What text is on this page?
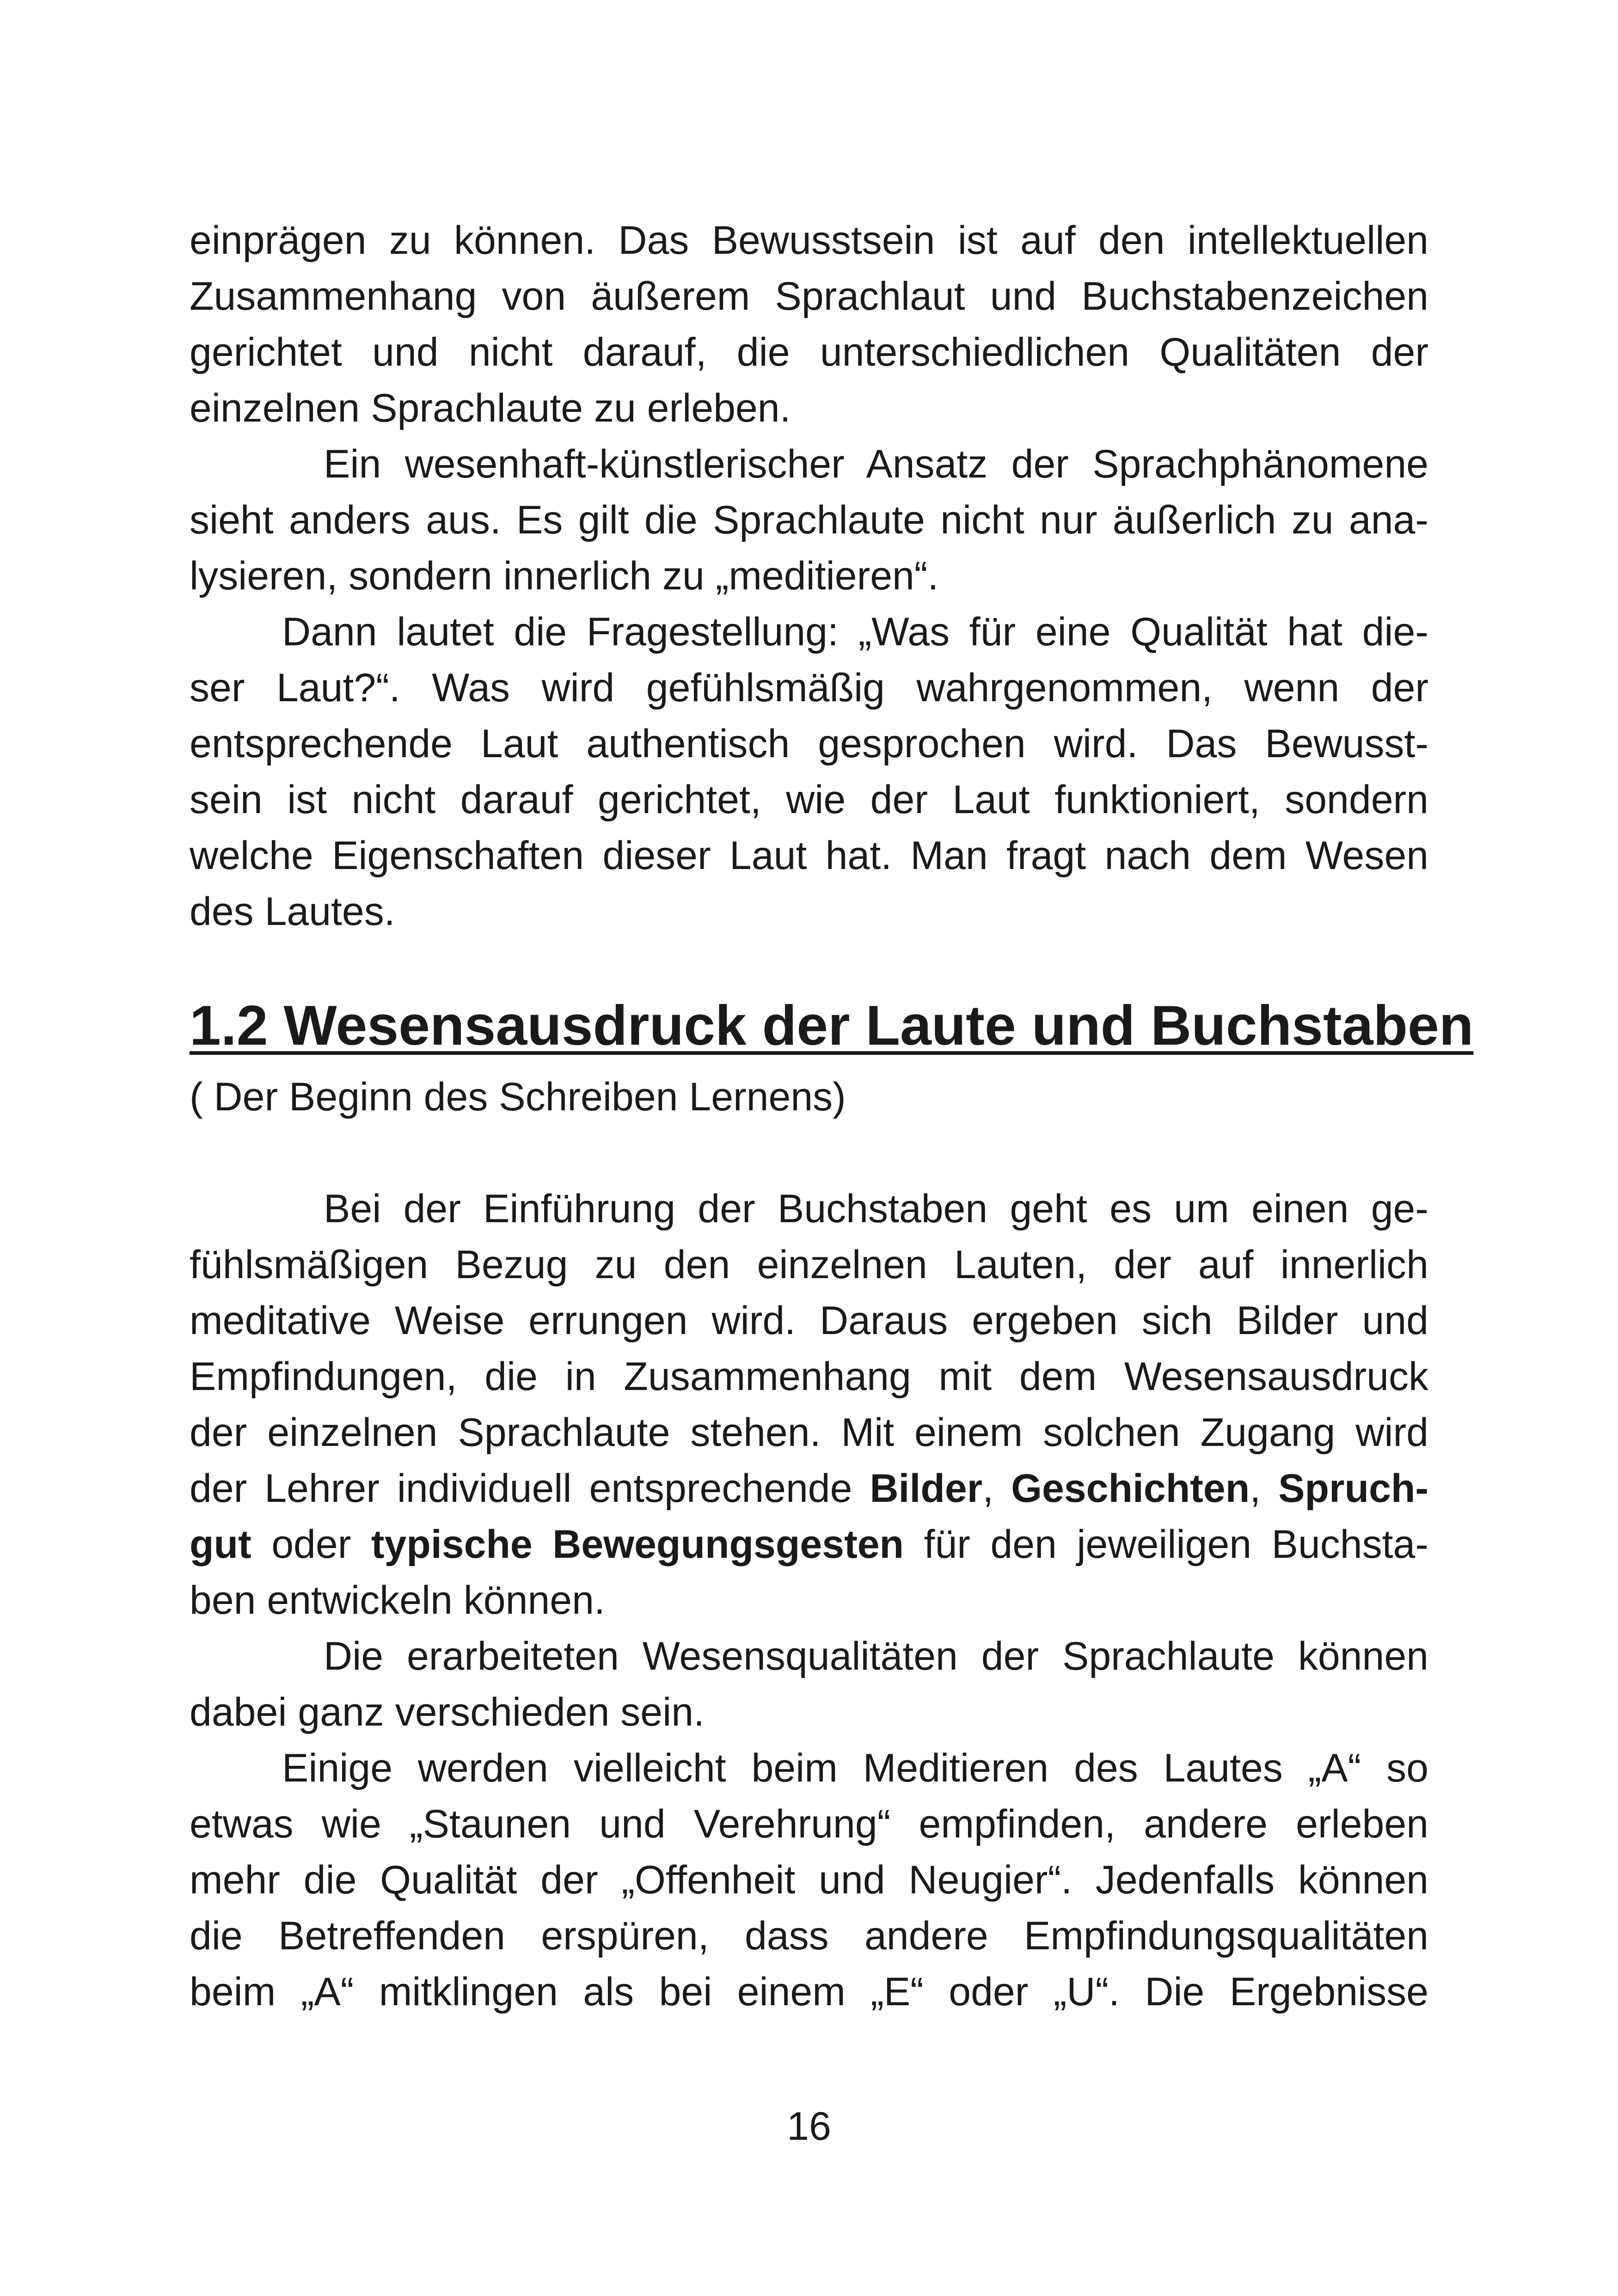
einprägen zu können. Das Bewusstsein ist auf den intellektuellen
Zusammenhang von äußerem Sprachlaut und Buchstabenzeichen
gerichtet und nicht darauf, die unterschiedlichen Qualitäten der
einzelnen Sprachlaute zu erleben.

Ein wesenhaft-künstlerischer Ansatz der Sprachphänomene
sieht anders aus. Es gilt die Sprachlaute nicht nur äußerlich zu ana-
lysieren, sondern innerlich zu „meditieren“.

Dann lautet die Fragestellung: „Was für eine Qualität hat die-
ser Laut?“. Was wird gefühlsmäßig wahrgenommen, wenn der
entsprechende Laut authentisch gesprochen wird. Das Bewusst-
sein ist nicht darauf gerichtet, wie der Laut funktioniert, sondern
welche Eigenschaften dieser Laut hat. Man fragt nach dem Wesen
des Lautes.

1.2 Wesensausdruck der Laute und Buchstaben
( Der Beginn des Schreiben Lernens)

Bei der Einführung der Buchstaben geht es um einen ge-
fühlsmäßigen Bezug zu den einzelnen Lauten, der auf innerlich
meditative Weise errungen wird. Daraus ergeben sich Bilder und
Empfindungen, die in Zusammenhang mit dem Wesensausdruck
der einzelnen Sprachlaute stehen. Mit einem solchen Zugang wird
der Lehrer individuell entsprechende Bilder, Geschichten, Spruch-
gut oder typische Bewegungsgesten für den jeweiligen Buchsta-
ben entwickeln können.

Die erarbeiteten Wesensqualitäten der Sprachlaute können
dabei ganz verschieden sein.

Einige werden vielleicht beim Meditieren des Lautes „A“ so
etwas wie „Staunen und Verehrung“ empfinden, andere erleben
mehr die Qualität der „Offenheit und Neugier“. Jedenfalls können
die Betreffenden erspüren, dass andere Empfindungsqualitäten
beim „A“ mitklingen als bei einem „E“ oder „U“. Die Ergebnisse

16
